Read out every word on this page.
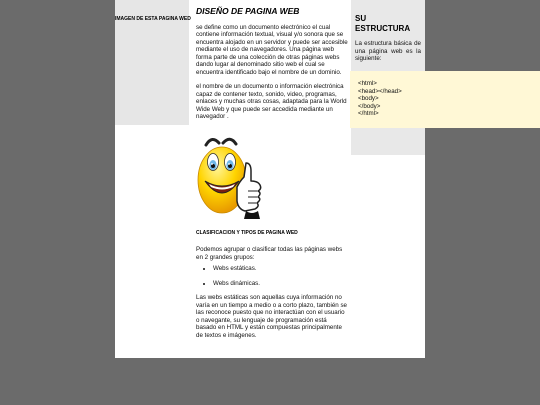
IMAGEN DE ESTA PAGINA WED
DISEÑO DE PAGINA WEB

se define como un documento electrónico el cual contiene información textual, visual y/o sonora que se encuentra alojado en un servidor y puede ser accesible mediante el uso de navegadores. Una página web forma parte de una colección de otras páginas webs dando lugar al denominado sitio web el cual se encuentra identificado bajo el nombre de un dominio.

el nombre de un documento o información electrónica capaz de contener texto, sonido, video, programas, enlaces y muchas otras cosas, adaptada para la World Wide Web y que puede ser accedida mediante un navegador .

CLASIFICACION Y TIPOS DE PAGINA WED

Podemos agrupar o clasificar todas las páginas webs en 2 grandes grupos:

• Webs estáticas.
• Webs dinámicas.

Las webs estáticas son aquellas cuya información no varía en un tiempo a medio o a corto plazo, también se las reconoce puesto que no interactúan con el usuario o navegante, su lenguaje de programación está basado en HTML y están compuestas principalmente de textos e imágenes.

SU ESTRUCTURA
La estructura básica de una página web es la siguiente:
<html>
<head></head>
<body>
</body>
</html>
